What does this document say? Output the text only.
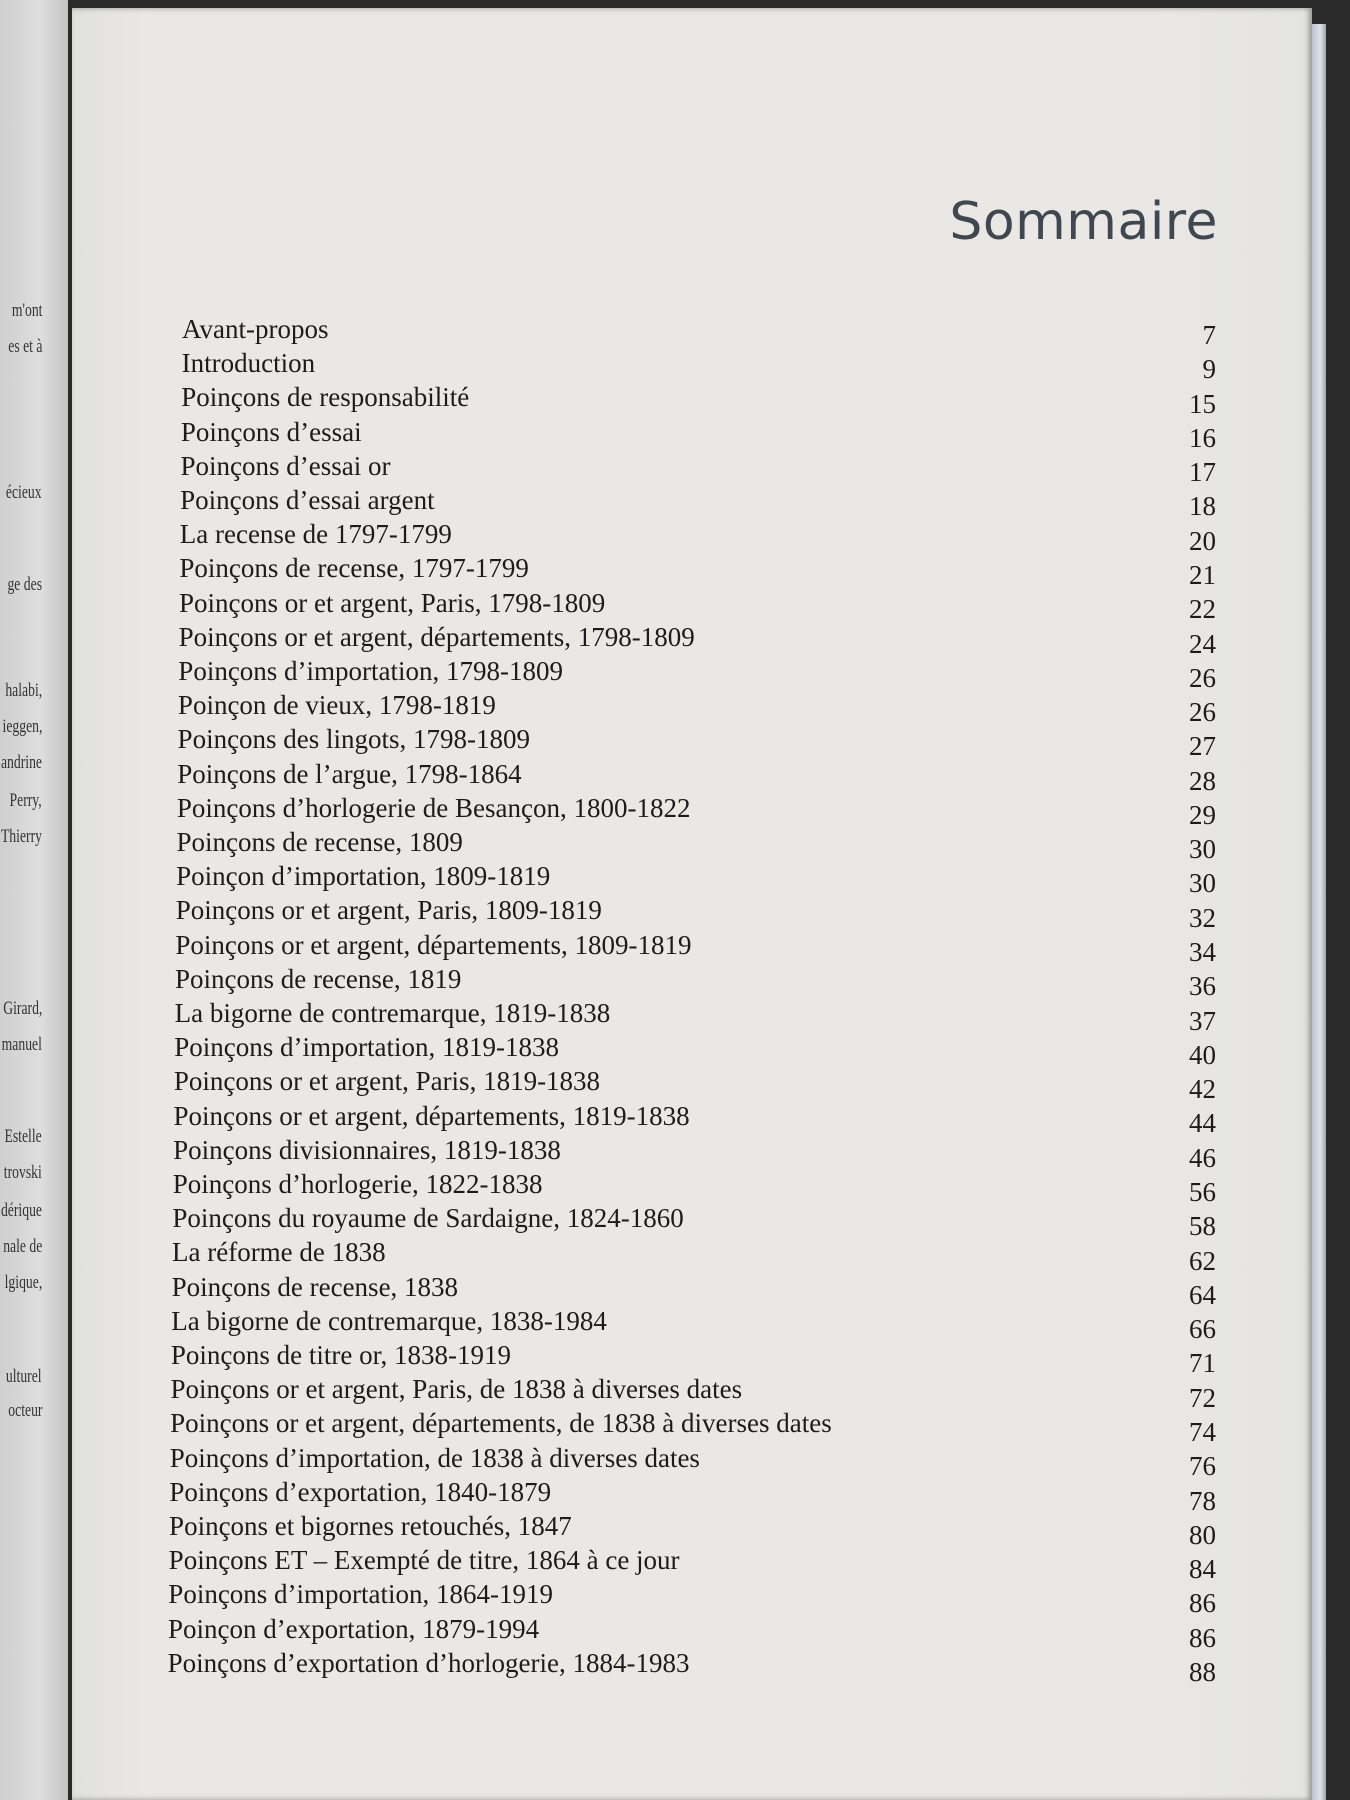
m'ont
es et à
écieux
ge des
halabi,
ieggen,
andrine
Perry,
Thierry
Girard,
manuel
Estelle
trovski
dérique
nale de
lgique,
ulturel
octeur
Sommaire
Avant-propos	7
Introduction	9
Poinçons de responsabilité	15
Poinçons d’essai	16
Poinçons d’essai or	17
Poinçons d’essai argent	18
La recense de 1797-1799	20
Poinçons de recense, 1797-1799	21
Poinçons or et argent, Paris, 1798-1809	22
Poinçons or et argent, départements, 1798-1809	24
Poinçons d’importation, 1798-1809	26
Poinçon de vieux, 1798-1819	26
Poinçons des lingots, 1798-1809	27
Poinçons de l’argue, 1798-1864	28
Poinçons d’horlogerie de Besançon, 1800-1822	29
Poinçons de recense, 1809	30
Poinçon d’importation, 1809-1819	30
Poinçons or et argent, Paris, 1809-1819	32
Poinçons or et argent, départements, 1809-1819	34
Poinçons de recense, 1819	36
La bigorne de contremarque, 1819-1838	37
Poinçons d’importation, 1819-1838	40
Poinçons or et argent, Paris, 1819-1838	42
Poinçons or et argent, départements, 1819-1838	44
Poinçons divisionnaires, 1819-1838	46
Poinçons d’horlogerie, 1822-1838	56
Poinçons du royaume de Sardaigne, 1824-1860	58
La réforme de 1838	62
Poinçons de recense, 1838	64
La bigorne de contremarque, 1838-1984	66
Poinçons de titre or, 1838-1919	71
Poinçons or et argent, Paris, de 1838 à diverses dates	72
Poinçons or et argent, départements, de 1838 à diverses dates	74
Poinçons d’importation, de 1838 à diverses dates	76
Poinçons d’exportation, 1840-1879	78
Poinçons et bigornes retouchés, 1847	80
Poinçons ET – Exempté de titre, 1864 à ce jour	84
Poinçons d’importation, 1864-1919	86
Poinçon d’exportation, 1879-1994	86
Poinçons d’exportation d’horlogerie, 1884-1983	88
